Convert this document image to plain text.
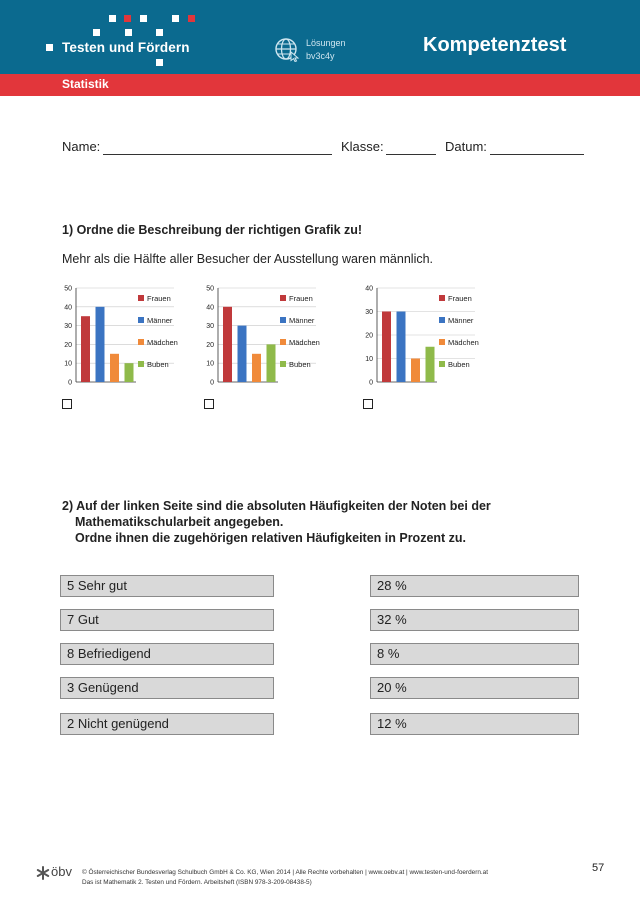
Testen und Fördern	Lösungen
bv3c4y	Kompetenztest
Statistik
Name:	Klasse:	Datum:
1) Ordne die Beschreibung der richtigen Grafik zu!
Mehr als die Hälfte aller Besucher der Ausstellung waren männlich.
0
10
20
30
40
50
Frauen
Männer
Mädchen
Buben
0
10
20
30
40
50
Frauen
Männer
Mädchen
Buben
0
10
20
30
40
Frauen
Männer
Mädchen
Buben
2) Auf der linken Seite sind die absoluten Häufigkeiten der Noten bei der
Mathematikschularbeit angegeben.
Ordne ihnen die zugehörigen relativen Häufigkeiten in Prozent zu.
5 Sehr gut
7 Gut
8 Befriedigend
3 Genügend
2 Nicht genügend
28 %
32 %
8 %
20 %
12 %
öbv © Österreichischer Bundesverlag Schulbuch GmbH & Co. KG, Wien 2014 | Alle Rechte vorbehalten | www.oebv.at | www.testen-und-foerdern.at
Das ist Mathematik 2. Testen und Fördern. Arbeitsheft (ISBN 978-3-209-08438-5)
57
